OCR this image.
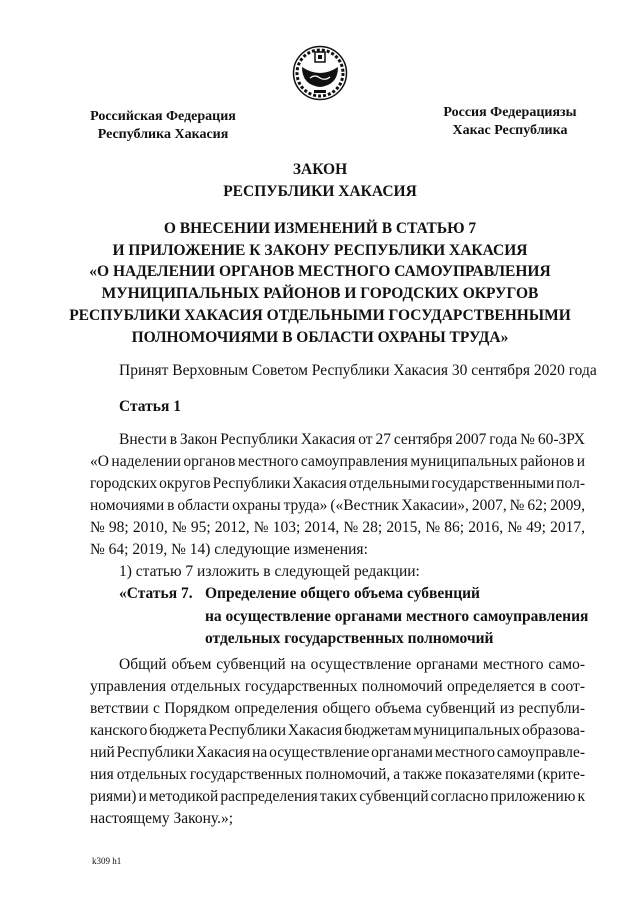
Российская Федерация
Республика Хакасия
Россия Федерациязы
Хакас Республика
ЗАКОН
РЕСПУБЛИКИ ХАКАСИЯ
О ВНЕСЕНИИ ИЗМЕНЕНИЙ В СТАТЬЮ 7
И ПРИЛОЖЕНИЕ К ЗАКОНУ РЕСПУБЛИКИ ХАКАСИЯ
«О НАДЕЛЕНИИ ОРГАНОВ МЕСТНОГО САМОУПРАВЛЕНИЯ
МУНИЦИПАЛЬНЫХ РАЙОНОВ И ГОРОДСКИХ ОКРУГОВ
РЕСПУБЛИКИ ХАКАСИЯ ОТДЕЛЬНЫМИ ГОСУДАРСТВЕННЫМИ
ПОЛНОМОЧИЯМИ В ОБЛАСТИ ОХРАНЫ ТРУДА»
Принят Верховным Советом Республики Хакасия 30 сентября 2020 года
Статья 1
Внести в Закон Республики Хакасия от 27 сентября 2007 года № 60-ЗРХ
«О наделении органов местного самоуправления муниципальных районов и
городских округов Республики Хакасия отдельными государственными пол-
номочиями в области охраны труда» («Вестник Хакасии», 2007, № 62; 2009,
№ 98; 2010, № 95; 2012, № 103; 2014, № 28; 2015, № 86; 2016, № 49; 2017,
№ 64; 2019, № 14) следующие изменения:
1) статью 7 изложить в следующей редакции:
«Статья 7. Определение общего объема субвенций
на осуществление органами местного самоуправления
отдельных государственных полномочий
Общий объем субвенций на осуществление органами местного само-
управления отдельных государственных полномочий определяется в соот-
ветствии с Порядком определения общего объема субвенций из республи-
канского бюджета Республики Хакасия бюджетам муниципальных образова-
ний Республики Хакасия на осуществление органами местного самоуправле-
ния отдельных государственных полномочий, а также показателями (крите-
риями) и методикой распределения таких субвенций согласно приложению к
настоящему Закону.»;
k309 h1
